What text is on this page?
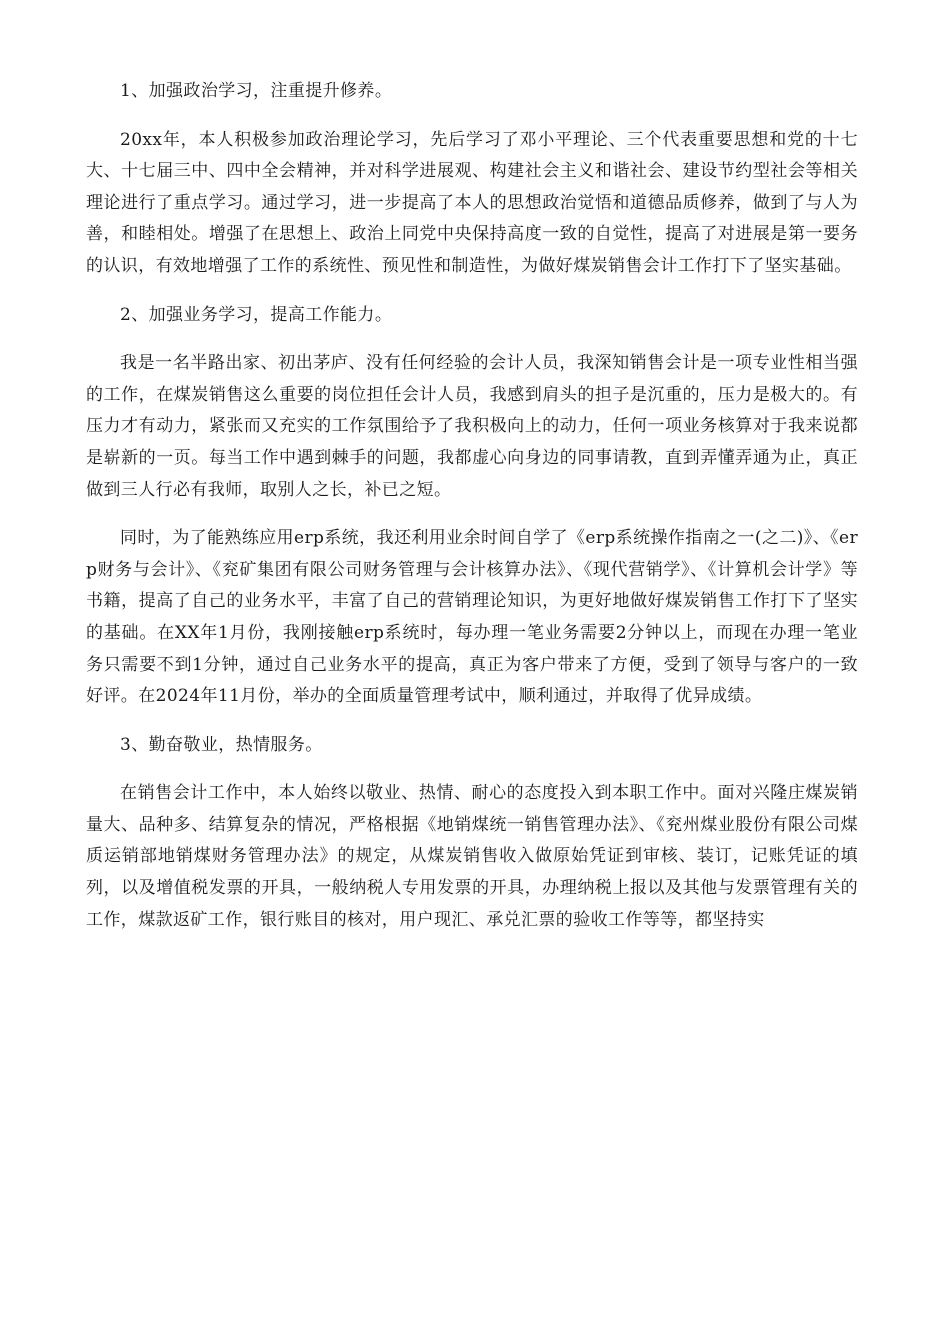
1、加强政治学习，注重提升修养。

20xx年，本人积极参加政治理论学习，先后学习了邓小平理论、三个代表重要思想和党的十七大、十七届三中、四中全会精神，并对科学进展观、构建社会主义和谐社会、建设节约型社会等相关理论进行了重点学习。通过学习，进一步提高了本人的思想政治觉悟和道德品质修养，做到了与人为善，和睦相处。增强了在思想上、政治上同党中央保持高度一致的自觉性，提高了对进展是第一要务的认识，有效地增强了工作的系统性、预见性和制造性，为做好煤炭销售会计工作打下了坚实基础。

2、加强业务学习，提高工作能力。

我是一名半路出家、初出茅庐、没有任何经验的会计人员，我深知销售会计是一项专业性相当强的工作，在煤炭销售这么重要的岗位担任会计人员，我感到肩头的担子是沉重的，压力是极大的。有压力才有动力，紧张而又充实的工作氛围给予了我积极向上的动力，任何一项业务核算对于我来说都是崭新的一页。每当工作中遇到棘手的问题，我都虚心向身边的同事请教，直到弄懂弄通为止，真正做到三人行必有我师，取别人之长，补已之短。

同时，为了能熟练应用erp系统，我还利用业余时间自学了《erp系统操作指南之一(之二)》、《erp财务与会计》、《兖矿集团有限公司财务管理与会计核算办法》、《现代营销学》、《计算机会计学》等书籍，提高了自己的业务水平，丰富了自己的营销理论知识，为更好地做好煤炭销售工作打下了坚实的基础。在XX年1月份，我刚接触erp系统时，每办理一笔业务需要2分钟以上，而现在办理一笔业务只需要不到1分钟，通过自己业务水平的提高，真正为客户带来了方便，受到了领导与客户的一致好评。在2024年11月份，举办的全面质量管理考试中，顺利通过，并取得了优异成绩。

3、勤奋敬业，热情服务。

在销售会计工作中，本人始终以敬业、热情、耐心的态度投入到本职工作中。面对兴隆庄煤炭销量大、品种多、结算复杂的情况，严格根据《地销煤统一销售管理办法》、《兖州煤业股份有限公司煤质运销部地销煤财务管理办法》的规定，从煤炭销售收入做原始凭证到审核、装订，记账凭证的填列，以及增值税发票的开具，一般纳税人专用发票的开具，办理纳税上报以及其他与发票管理有关的工作，煤款返矿工作，银行账目的核对，用户现汇、承兑汇票的验收工作等等，都坚持实
